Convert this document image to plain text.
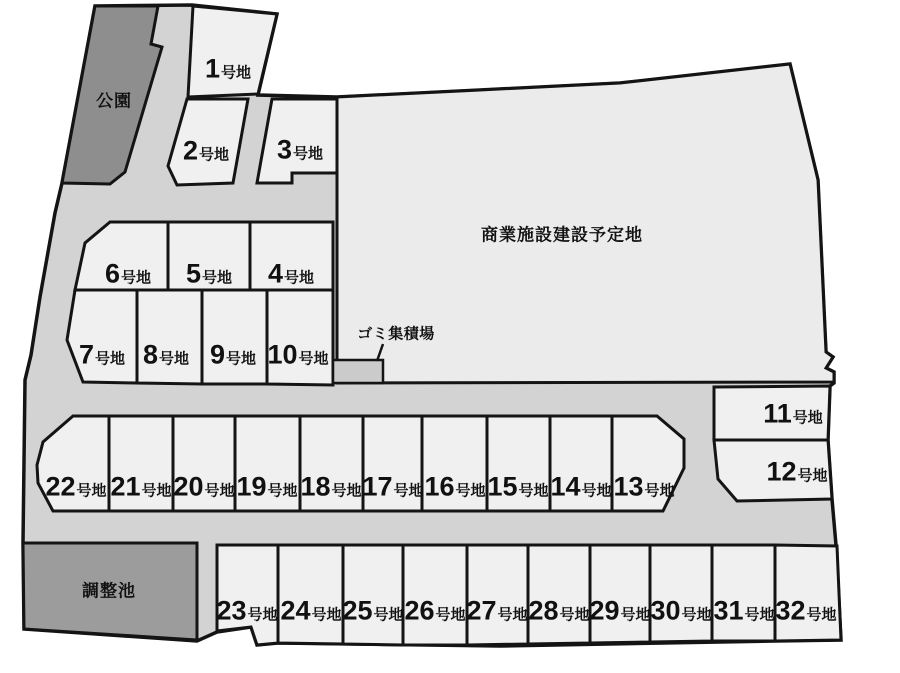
公園
商業施設建設予定地
ゴミ集積場
調整池
1号地
2号地 3号地
4号地
5号地
6号地
7号地 8号地 9号地 10号地
11号地
12号地
13号地
14号地
15号地
16号地
17号地
18号地
19号地
20号地
21号地
22号地
23号地 24号地 25号地 26号地 27号地 28号地 29号地 30号地 31号地 32号地
